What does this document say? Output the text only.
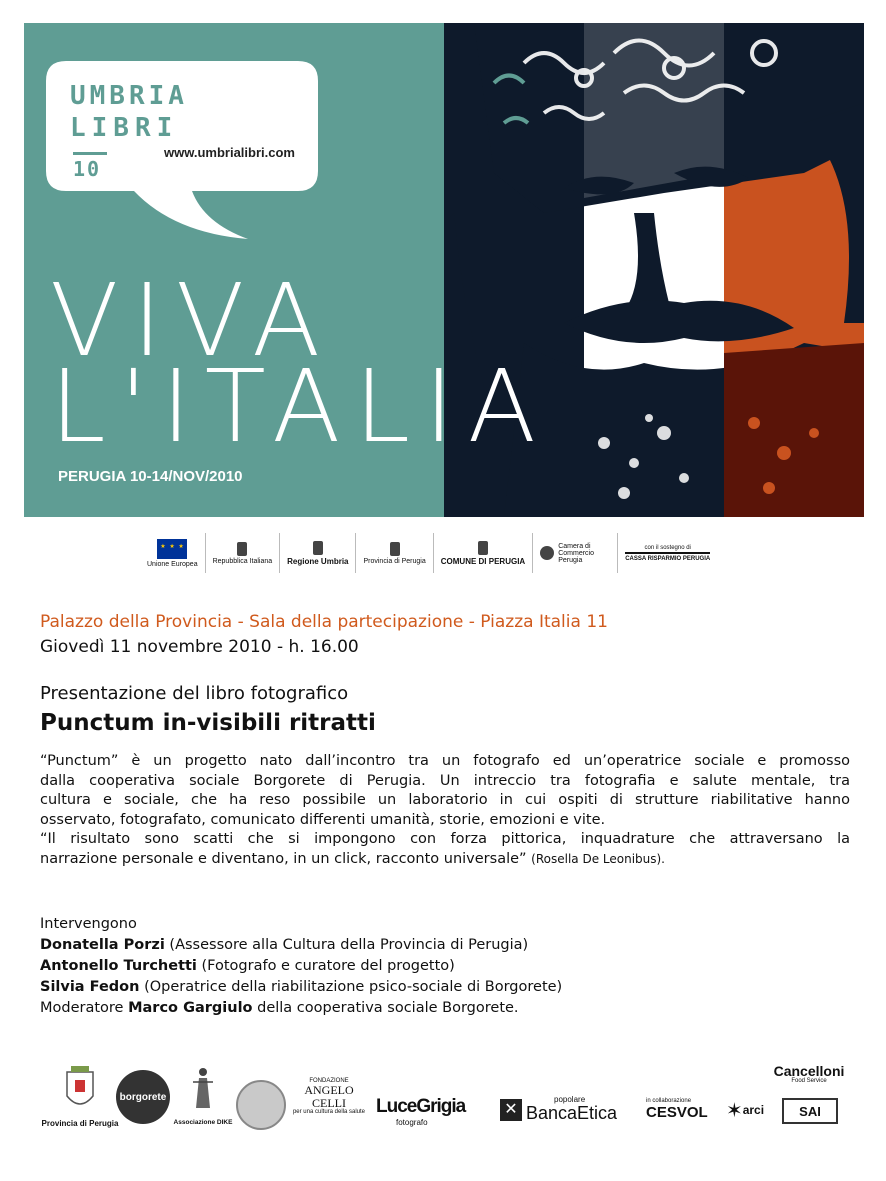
UMBRIA
LIBRI
10
www.umbrialibri.com
VIVA
L'ITALIA
PERUGIA 10-14/NOV/2010
★ ★ ★
Unione Europea Repubblica Italiana Regione Umbria Provincia di Perugia COMUNE DI PERUGIA
Camera di Commercio Perugia
con il sostegno di
CASSA RISPARMIO PERUGIA
Palazzo della Provincia - Sala della partecipazione - Piazza Italia 11
Giovedì 11 novembre 2010 - h. 16.00
Presentazione del libro fotografico
Punctum in-visibili ritratti

“Punctum” è un progetto nato dall’incontro tra un fotografo ed un’operatrice sociale e promosso

dalla cooperativa sociale Borgorete di Perugia. Un intreccio tra fotografia e salute mentale, tra

cultura e sociale, che ha reso possibile un laboratorio in cui ospiti di strutture riabilitative hanno

osservato, fotografato, comunicato differenti umanità, storie, emozioni e vite.

“Il risultato sono scatti che si impongono con forza pittorica, inquadrature che attraversano la

narrazione personale e diventano, in un click, racconto universale” (Rosella De Leonibus).

Intervengono
Donatella Porzi (Assessore alla Cultura della Provincia di Perugia)
Antonello Turchetti (Fotografo e curatore del progetto)
Silvia Fedon (Operatrice della riabilitazione psico-sociale di Borgorete)
Moderatore Marco Gargiulo della cooperativa sociale Borgorete.
Provincia di Perugia
borgorete
Associazione DIKE
FONDAZIONE
ANGELO
CELLI
per una cultura della salute LuceGrigia
fotografo
✕
popolare
BancaEtica
in collaborazione
CESVOL ✶ arci
Cancelloni
Food Service
SAI
